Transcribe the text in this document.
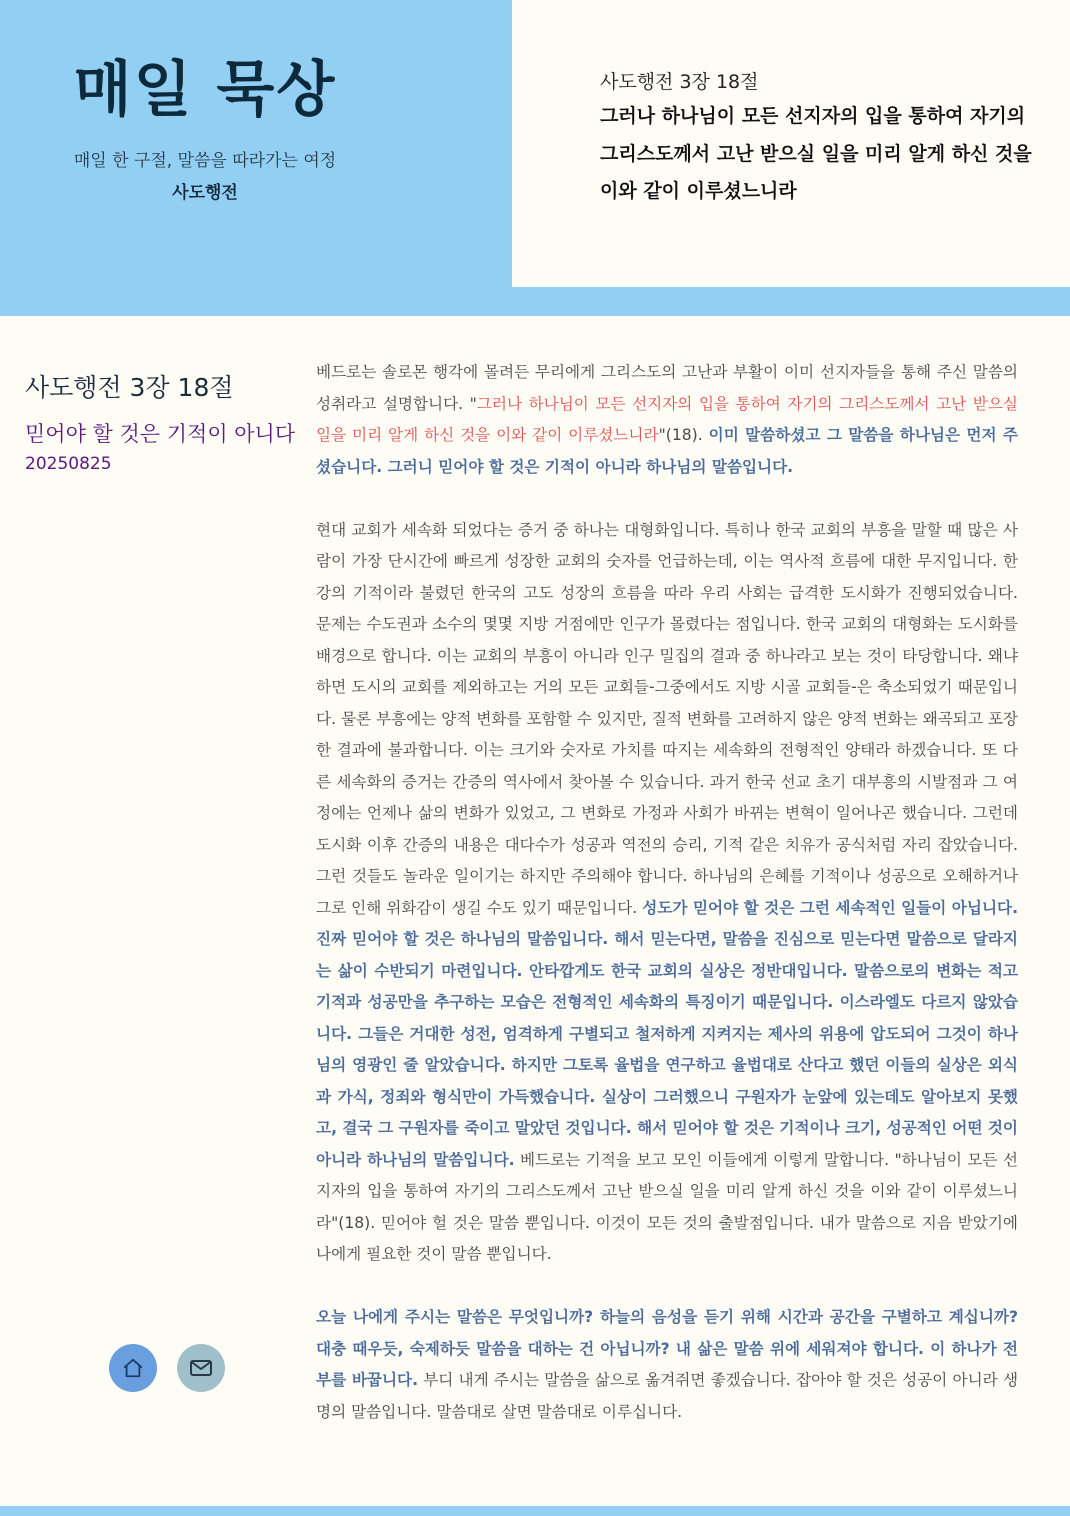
매일 묵상
매일 한 구절, 말씀을 따라가는 여정
사도행전
사도행전 3장 18절
그러나 하나님이 모든 선지자의 입을 통하여 자기의 그리스도께서 고난 받으실 일을 미리 알게 하신 것을 이와 같이 이루셨느니라
사도행전 3장 18절
믿어야 할 것은 기적이 아니다
20250825

베드로는 솔로몬 행각에 몰려든 무리에게 그리스도의 고난과 부활이 이미 선지자들을 통해 주신 말씀의 성취라고 설명합니다. "그러나 하나님이 모든 선지자의 입을 통하여 자기의 그리스도께서 고난 받으실 일을 미리 알게 하신 것을 이와 같이 이루셨느니라"(18). 이미 말씀하셨고 그 말씀을 하나님은 먼저 주셨습니다. 그러니 믿어야 할 것은 기적이 아니라 하나님의 말씀입니다.

현대 교회가 세속화 되었다는 증거 중 하나는 대형화입니다. 특히나 한국 교회의 부흥을 말할 때 많은 사람이 가장 단시간에 빠르게 성장한 교회의 숫자를 언급하는데, 이는 역사적 흐름에 대한 무지입니다. 한강의 기적이라 불렸던 한국의 고도 성장의 흐름을 따라 우리 사회는 급격한 도시화가 진행되었습니다. 문제는 수도권과 소수의 몇몇 지방 거점에만 인구가 몰렸다는 점입니다. 한국 교회의 대형화는 도시화를 배경으로 합니다. 이는 교회의 부흥이 아니라 인구 밀집의 결과 중 하나라고 보는 것이 타당합니다. 왜냐하면 도시의 교회를 제외하고는 거의 모든 교회들-그중에서도 지방 시골 교회들-은 축소되었기 때문입니다. 물론 부흥에는 양적 변화를 포함할 수 있지만, 질적 변화를 고려하지 않은 양적 변화는 왜곡되고 포장한 결과에 불과합니다. 이는 크기와 숫자로 가치를 따지는 세속화의 전형적인 양태라 하겠습니다. 또 다른 세속화의 증거는 간증의 역사에서 찾아볼 수 있습니다. 과거 한국 선교 초기 대부흥의 시발점과 그 여정에는 언제나 삶의 변화가 있었고, 그 변화로 가정과 사회가 바뀌는 변혁이 일어나곤 했습니다. 그런데 도시화 이후 간증의 내용은 대다수가 성공과 역전의 승리, 기적 같은 치유가 공식처럼 자리 잡았습니다. 그런 것들도 놀라운 일이기는 하지만 주의해야 합니다. 하나님의 은혜를 기적이나 성공으로 오해하거나 그로 인해 위화감이 생길 수도 있기 때문입니다. 성도가 믿어야 할 것은 그런 세속적인 일들이 아닙니다. 진짜 믿어야 할 것은 하나님의 말씀입니다. 해서 믿는다면, 말씀을 진심으로 믿는다면 말씀으로 달라지는 삶이 수반되기 마련입니다. 안타깝게도 한국 교회의 실상은 정반대입니다. 말씀으로의 변화는 적고 기적과 성공만을 추구하는 모습은 전형적인 세속화의 특징이기 때문입니다. 이스라엘도 다르지 않았습니다. 그들은 거대한 성전, 엄격하게 구별되고 철저하게 지켜지는 제사의 위용에 압도되어 그것이 하나님의 영광인 줄 알았습니다. 하지만 그토록 율법을 연구하고 율법대로 산다고 했던 이들의 실상은 외식과 가식, 정죄와 형식만이 가득했습니다. 실상이 그러했으니 구원자가 눈앞에 있는데도 알아보지 못했고, 결국 그 구원자를 죽이고 말았던 것입니다. 해서 믿어야 할 것은 기적이나 크기, 성공적인 어떤 것이 아니라 하나님의 말씀입니다. 베드로는 기적을 보고 모인 이들에게 이렇게 말합니다. "하나님이 모든 선지자의 입을 통하여 자기의 그리스도께서 고난 받으실 일을 미리 알게 하신 것을 이와 같이 이루셨느니라"(18). 믿어야 헐 것은 말씀 뿐입니다. 이것이 모든 것의 출발점입니다. 내가 말씀으로 지음 받았기에 나에게 필요한 것이 말씀 뿐입니다.

오늘 나에게 주시는 말씀은 무엇입니까? 하늘의 음성을 듣기 위해 시간과 공간을 구별하고 계십니까? 대충 때우듯, 숙제하듯 말씀을 대하는 건 아닙니까? 내 삶은 말씀 위에 세워져야 합니다. 이 하나가 전부를 바꿉니다. 부디 내게 주시는 말씀을 삶으로 옮겨쥐면 좋겠습니다. 잡아야 할 것은 성공이 아니라 생명의 말씀입니다. 말씀대로 살면 말씀대로 이루십니다.
